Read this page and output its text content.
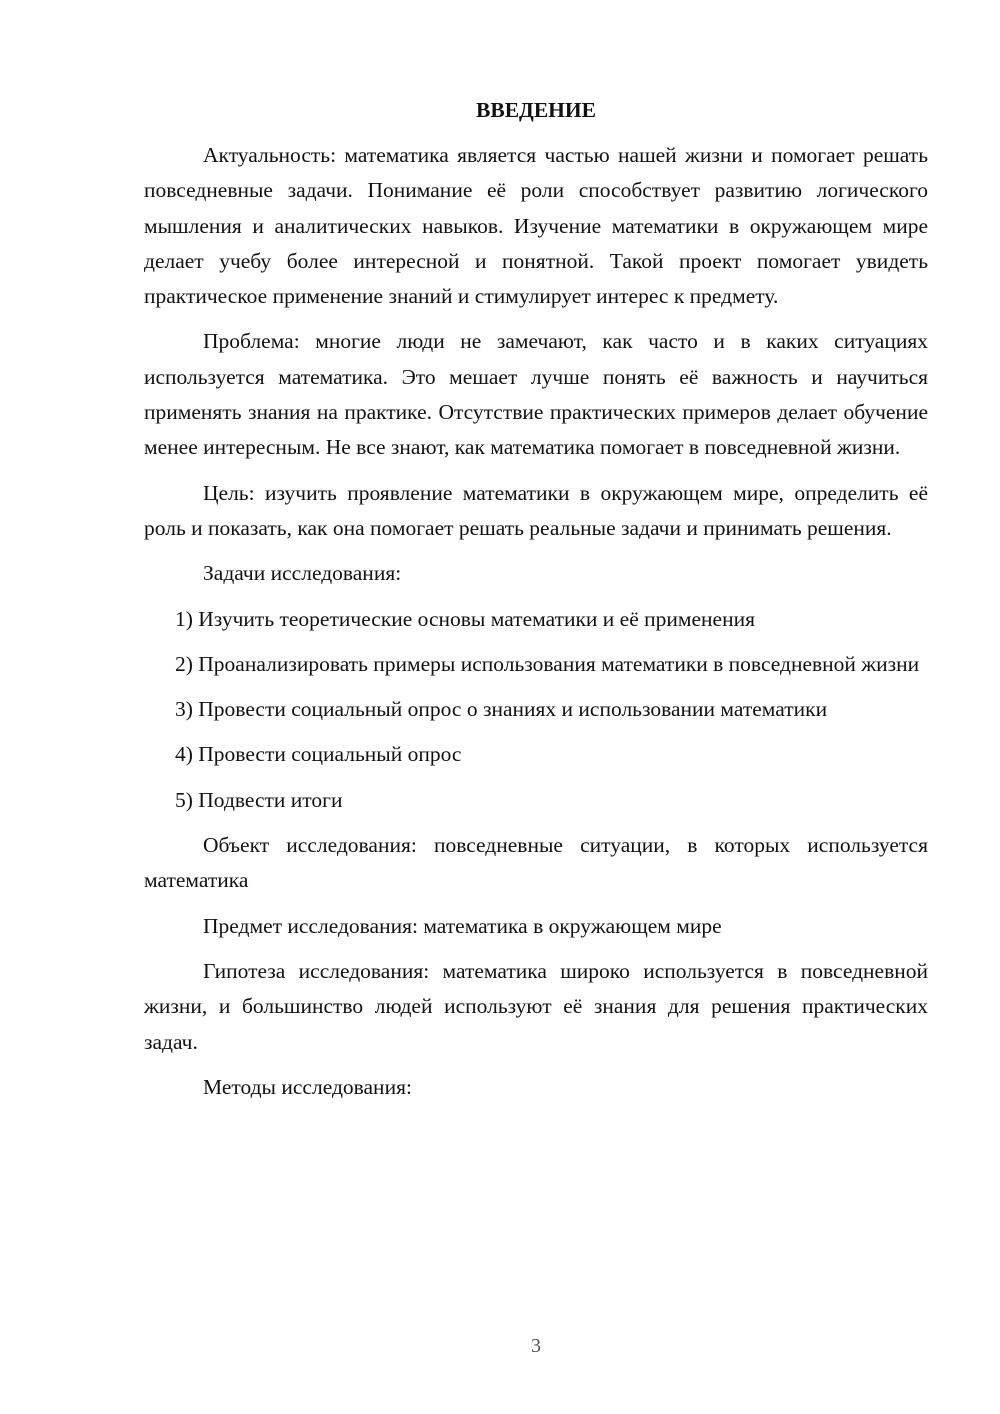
ВВЕДЕНИЕ

Актуальность: математика является частью нашей жизни и помогает решать повседневные задачи. Понимание её роли способствует развитию логического мышления и аналитических навыков. Изучение математики в окружающем мире делает учебу более интересной и понятной. Такой проект помогает увидеть практическое применение знаний и стимулирует интерес к предмету.

Проблема: многие люди не замечают, как часто и в каких ситуациях используется математика. Это мешает лучше понять её важность и научиться применять знания на практике. Отсутствие практических примеров делает обучение менее интересным. Не все знают, как математика помогает в повседневной жизни.

Цель: изучить проявление математики в окружающем мире, определить её роль и показать, как она помогает решать реальные задачи и принимать решения.

Задачи исследования:

1) Изучить теоретические основы математики и её применения

2) Проанализировать примеры использования математики в повседневной жизни

3) Провести социальный опрос о знаниях и использовании математики

4) Провести социальный опрос

5) Подвести итоги

Объект исследования: повседневные ситуации, в которых используется математика

Предмет исследования: математика в окружающем мире

Гипотеза исследования: математика широко используется в повседневной жизни, и большинство людей используют её знания для решения практических задач.

Методы исследования:

3
